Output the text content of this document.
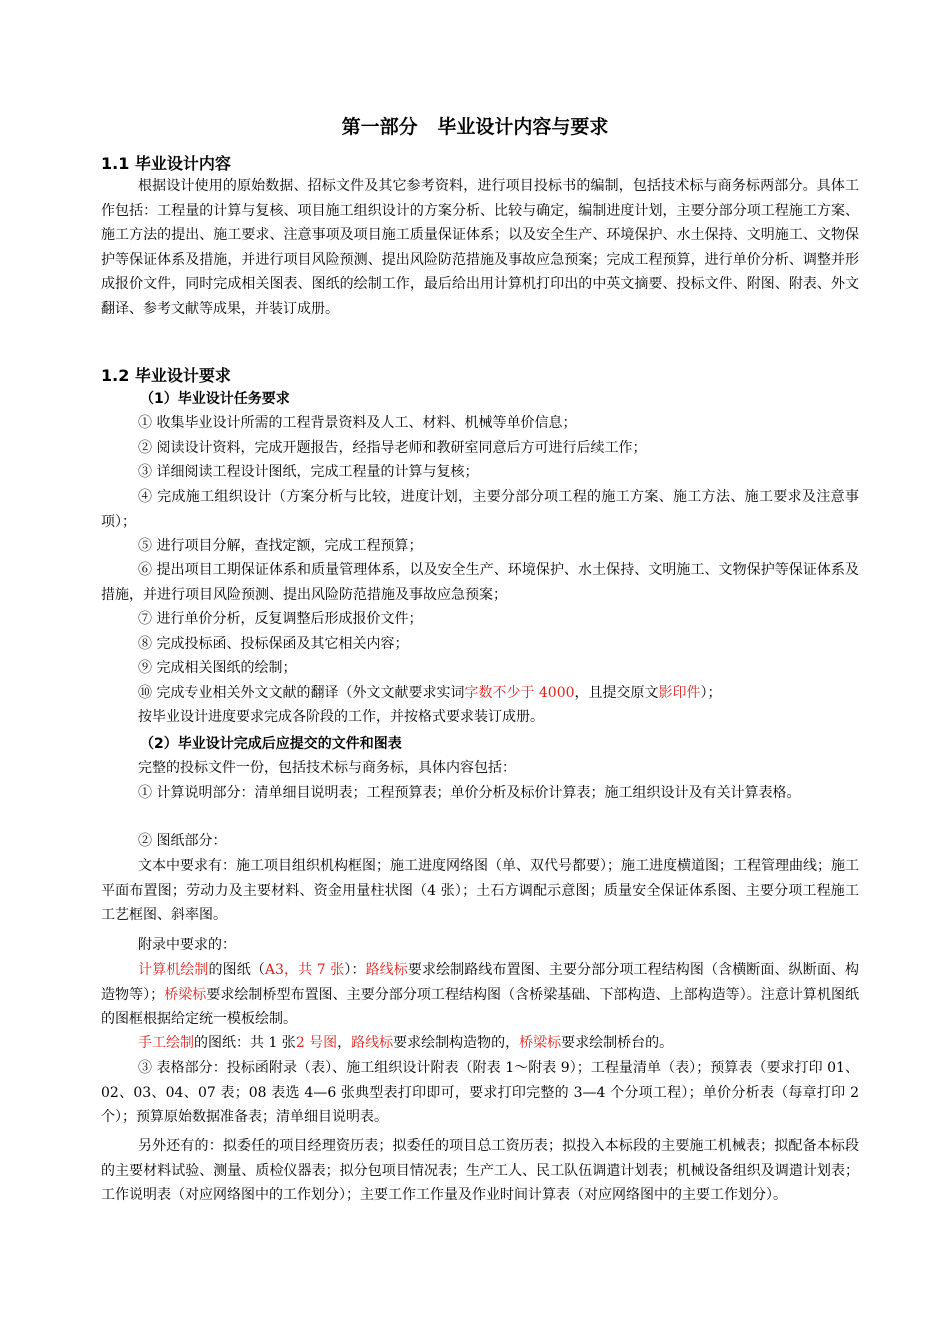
第一部分   毕业设计内容与要求
1.1 毕业设计内容

根据设计使用的原始数据、招标文件及其它参考资料，进行项目投标书的编制，包括技术标与商务标两部分。具体工作包括：工程量的计算与复核、项目施工组织设计的方案分析、比较与确定，编制进度计划，主要分部分项工程施工方案、施工方法的提出、施工要求、注意事项及项目施工质量保证体系；以及安全生产、环境保护、水土保持、文明施工、文物保护等保证体系及措施，并进行项目风险预测、提出风险防范措施及事故应急预案；完成工程预算，进行单价分析、调整并形成报价文件，同时完成相关图表、图纸的绘制工作，最后给出用计算机打印出的中英文摘要、投标文件、附图、附表、外文翻译、参考文献等成果，并装订成册。

1.2 毕业设计要求
（1）毕业设计任务要求

① 收集毕业设计所需的工程背景资料及人工、材料、机械等单价信息；

② 阅读设计资料，完成开题报告，经指导老师和教研室同意后方可进行后续工作；

③ 详细阅读工程设计图纸，完成工程量的计算与复核；

④ 完成施工组织设计（方案分析与比较，进度计划，主要分部分项工程的施工方案、施工方法、施工要求及注意事项）；

⑤ 进行项目分解，查找定额，完成工程预算；

⑥ 提出项目工期保证体系和质量管理体系，以及安全生产、环境保护、水土保持、文明施工、文物保护等保证体系及措施，并进行项目风险预测、提出风险防范措施及事故应急预案；

⑦ 进行单价分析，反复调整后形成报价文件；

⑧ 完成投标函、投标保函及其它相关内容；

⑨ 完成相关图纸的绘制；

⑩ 完成专业相关外文文献的翻译（外文文献要求实词字数不少于 4000，且提交原文影印件）；

按毕业设计进度要求完成各阶段的工作，并按格式要求装订成册。

（2）毕业设计完成后应提交的文件和图表

完整的投标文件一份，包括技术标与商务标，具体内容包括：

① 计算说明部分：清单细目说明表；工程预算表；单价分析及标价计算表；施工组织设计及有关计算表格。

② 图纸部分：

文本中要求有：施工项目组织机构框图；施工进度网络图（单、双代号都要）；施工进度横道图；工程管理曲线；施工平面布置图；劳动力及主要材料、资金用量柱状图（4 张）；土石方调配示意图；质量安全保证体系图、主要分项工程施工工艺框图、斜率图。

附录中要求的：

计算机绘制的图纸（A3，共 7 张）：路线标要求绘制路线布置图、主要分部分项工程结构图（含横断面、纵断面、构造物等）；桥梁标要求绘制桥型布置图、主要分部分项工程结构图（含桥梁基础、下部构造、上部构造等）。注意计算机图纸的图框根据给定统一模板绘制。

手工绘制的图纸：共 1 张2 号图，路线标要求绘制构造物的，桥梁标要求绘制桥台的。

③ 表格部分：投标函附录（表）、施工组织设计附表（附表 1～附表 9）；工程量清单（表）；预算表（要求打印 01、02、03、04、07 表；08 表选 4—6 张典型表打印即可，要求打印完整的 3—4 个分项工程）；单价分析表（每章打印 2 个）；预算原始数据准备表；清单细目说明表。

另外还有的：拟委任的项目经理资历表；拟委任的项目总工资历表；拟投入本标段的主要施工机械表；拟配备本标段的主要材料试验、测量、质检仪器表；拟分包项目情况表；生产工人、民工队伍调遣计划表；机械设备组织及调遣计划表；工作说明表（对应网络图中的工作划分）；主要工作工作量及作业时间计算表（对应网络图中的主要工作划分）。
